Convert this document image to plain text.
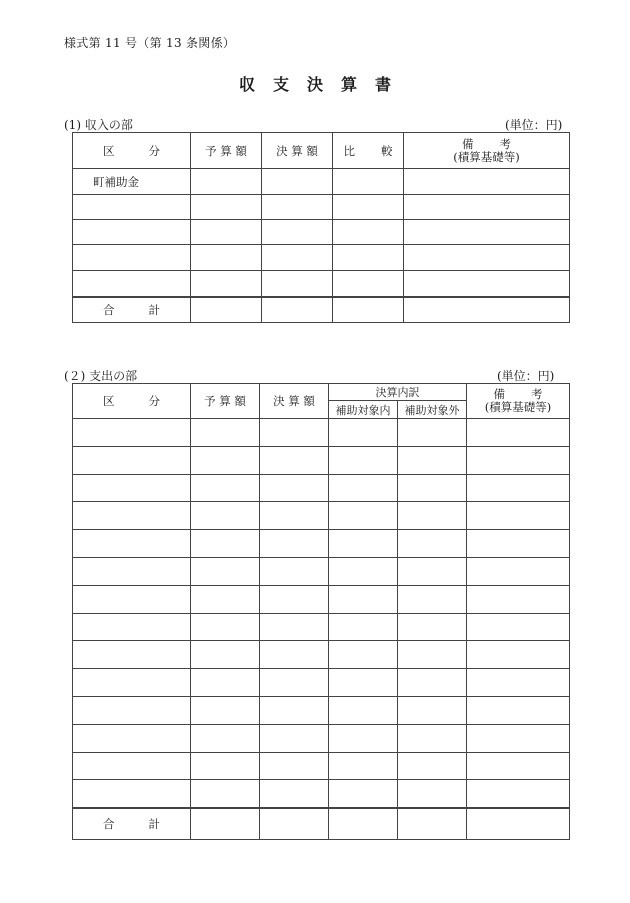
様式第 11 号（第 13 条関係）
収 支 決 算 書
(1) 収入の部	(単位：円)
区 分	予 算 額	決 算 額	比 較	備 考
(積算基礎等)

町補助金				

合 計				
(２) 支出の部	(単位：円)
区 分	予 算 額	決 算 額	決算内訳		備 考
(積算基礎等)

			補助対象内	補助対象外	

合 計					
